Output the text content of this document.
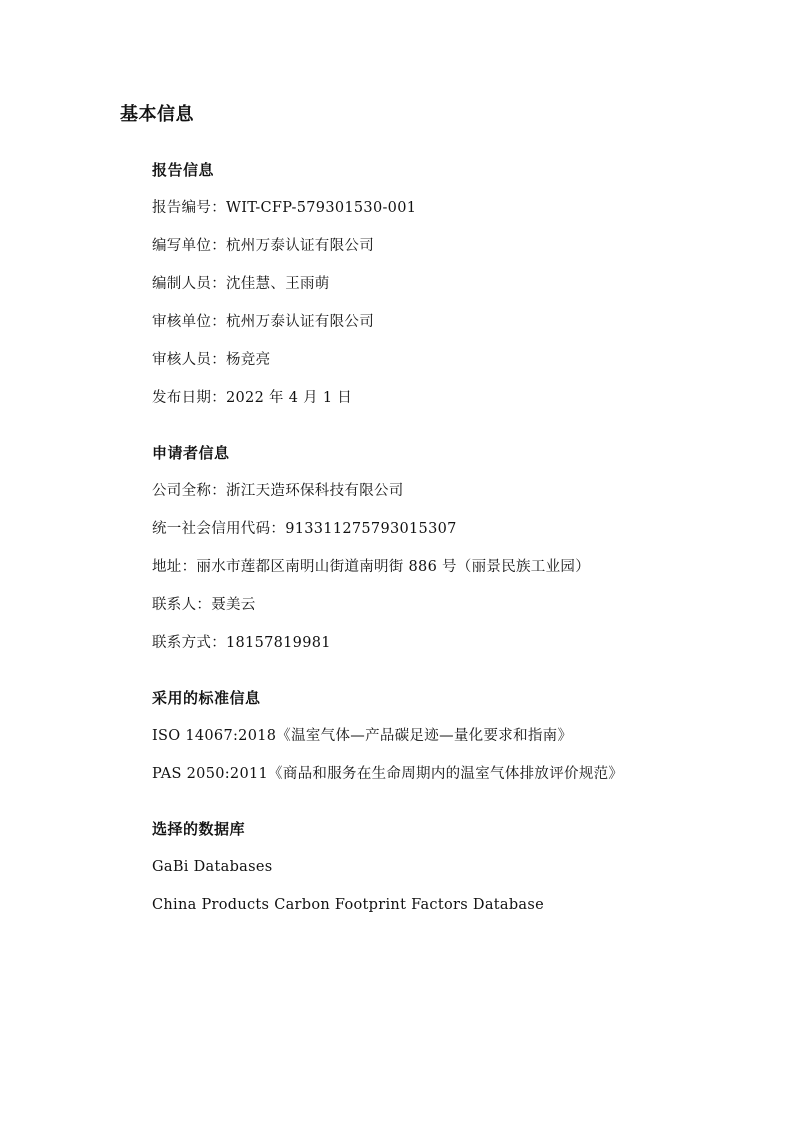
基本信息
报告信息
报告编号：WIT-CFP-579301530-001
编写单位：杭州万泰认证有限公司
编制人员：沈佳慧、王雨萌
审核单位：杭州万泰认证有限公司
审核人员：杨竞亮
发布日期：2022 年 4 月 1 日
申请者信息
公司全称：浙江天造环保科技有限公司
统一社会信用代码：913311275793015307
地址：丽水市莲都区南明山街道南明街 886 号（丽景民族工业园）
联系人：聂美云
联系方式：18157819981
采用的标准信息
ISO 14067:2018《温室气体—产品碳足迹—量化要求和指南》
PAS 2050:2011《商品和服务在生命周期内的温室气体排放评价规范》
选择的数据库
GaBi Databases
China Products Carbon Footprint Factors Database
